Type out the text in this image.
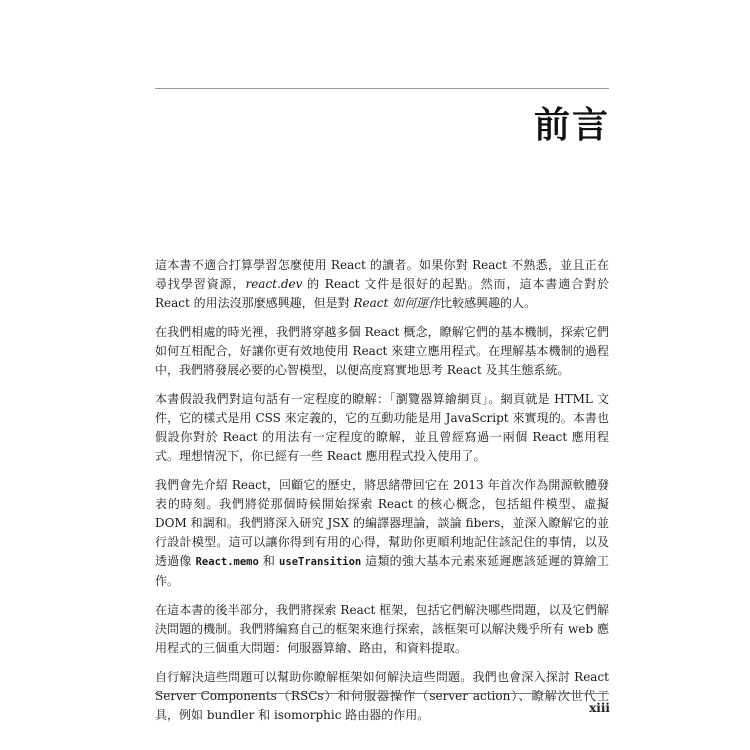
前言

這本書不適合打算學習怎麼使用 React 的讀者。如果你對 React 不熟悉，並且正在尋找學習資源，react.dev 的 React 文件是很好的起點。然而，這本書適合對於 React 的用法沒那麼感興趣，但是對 React 如何運作比較感興趣的人。

在我們相處的時光裡，我們將穿越多個 React 概念，瞭解它們的基本機制，探索它們如何互相配合，好讓你更有效地使用 React 來建立應用程式。在理解基本機制的過程中，我們將發展必要的心智模型，以便高度寫實地思考 React 及其生態系統。

本書假設我們對這句話有一定程度的瞭解：「瀏覽器算繪網頁」。網頁就是 HTML 文件，它的樣式是用 CSS 來定義的，它的互動功能是用 JavaScript 來實現的。本書也假設你對於 React 的用法有一定程度的瞭解，並且曾經寫過一兩個 React 應用程式。理想情況下，你已經有一些 React 應用程式投入使用了。

我們會先介紹 React，回顧它的歷史，將思緒帶回它在 2013 年首次作為開源軟體發表的時刻。我們將從那個時候開始探索 React 的核心概念，包括組件模型、虛擬 DOM 和調和。我們將深入研究 JSX 的編譯器理論，談論 fibers，並深入瞭解它的並行設計模型。這可以讓你得到有用的心得，幫助你更順利地記住該記住的事情，以及透過像 React.memo 和 useTransition 這類的強大基本元素來延遲應該延遲的算繪工作。

在這本書的後半部分，我們將探索 React 框架，包括它們解決哪些問題，以及它們解決問題的機制。我們將編寫自己的框架來進行探索，該框架可以解決幾乎所有 web 應用程式的三個重大問題：伺服器算繪、路由，和資料提取。

自行解決這些問題可以幫助你瞭解框架如何解決這些問題。我們也會深入探討 React Server Components（RSCs）和伺服器操作（server action）、瞭解次世代工具，例如 bundler 和 isomorphic 路由器的作用。	xiii
